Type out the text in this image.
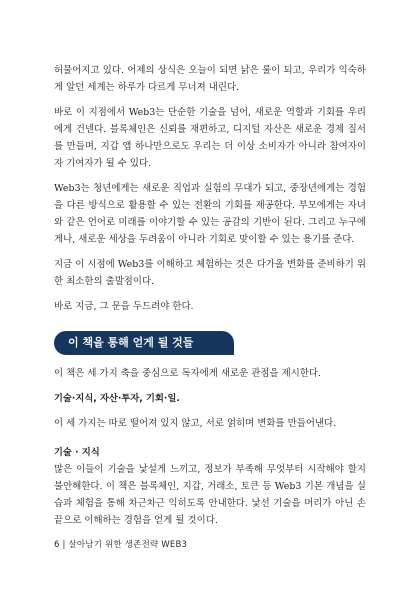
허물어지고 있다. 어제의 상식은 오늘이 되면 낡은 룰이 되고, 우리가 익숙하게 알던 세계는 하루가 다르게 무너져 내린다.

바로 이 지점에서 Web3는 단순한 기술을 넘어, 새로운 역할과 기회를 우리에게 건넨다. 블록체인은 신뢰를 재편하고, 디지털 자산은 새로운 경제 질서를 만들며, 지갑 앱 하나만으로도 우리는 더 이상 소비자가 아니라 참여자이자 기여자가 될 수 있다.

Web3는 청년에게는 새로운 직업과 실험의 무대가 되고, 중장년에게는 경험을 다른 방식으로 활용할 수 있는 전환의 기회를 제공한다. 부모에게는 자녀와 같은 언어로 미래를 이야기할 수 있는 공감의 기반이 된다. 그리고 누구에게나, 새로운 세상을 두려움이 아니라 기회로 맞이할 수 있는 용기를 준다.

지금 이 시점에 Web3를 이해하고 체험하는 것은 다가올 변화를 준비하기 위한 최소한의 출발점이다.

바로 지금, 그 문을 두드려야 한다.

이 책을 통해 얻게 될 것들

이 책은 세 가지 축을 중심으로 독자에게 새로운 관점을 제시한다.

기술·지식, 자산·투자, 기회·일.

이 세 가지는 따로 떨어져 있지 않고, 서로 얽히며 변화를 만들어낸다.

기술 · 지식

많은 이들이 기술을 낯설게 느끼고, 정보가 부족해 무엇부터 시작해야 할지 불안해한다. 이 책은 블록체인, 지갑, 거래소, 토큰 등 Web3 기본 개념을 실습과 체험을 통해 차근차근 익히도록 안내한다. 낯선 기술을 머리가 아닌 손끝으로 이해하는 경험을 얻게 될 것이다.

6 | 살아남기 위한 생존전략 WEB3
